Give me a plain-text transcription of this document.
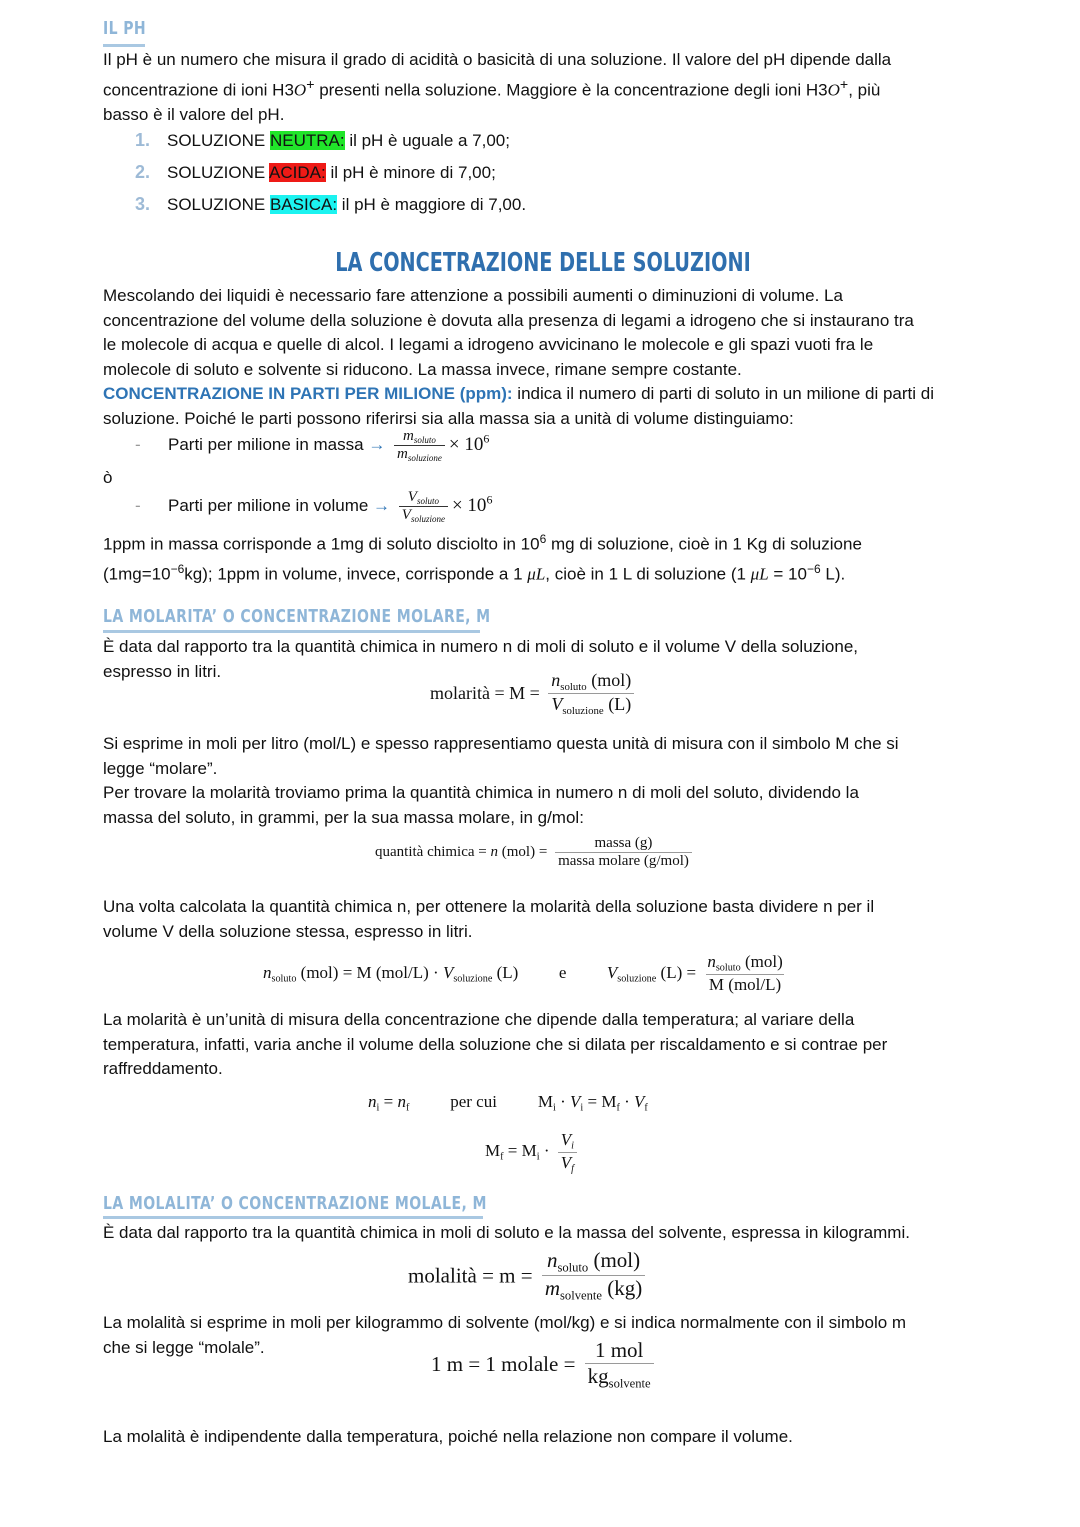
IL PH

Il pH è un numero che misura il grado di acidità o basicità di una soluzione. Il valore del pH dipende dalla

concentrazione di ioni H3O+ presenti nella soluzione. Maggiore è la concentrazione degli ioni H3O+, più

basso è il valore del pH.

1. SOLUZIONE NEUTRA: il pH è uguale a 7,00;
2. SOLUZIONE ACIDA: il pH è minore di 7,00;
3. SOLUZIONE BASICA: il pH è maggiore di 7,00.
LA CONCETRAZIONE DELLE SOLUZIONI

Mescolando dei liquidi è necessario fare attenzione a possibili aumenti o diminuzioni di volume. La

concentrazione del volume della soluzione è dovuta alla presenza di legami a idrogeno che si instaurano tra

le molecole di acqua e quelle di alcol. I legami a idrogeno avvicinano le molecole e gli spazi vuoti fra le

molecole di soluto e solvente si riducono. La massa invece, rimane sempre costante.

CONCENTRAZIONE IN PARTI PER MILIONE (ppm): indica il numero di parti di soluto in un milione di parti di

soluzione. Poiché le parti possono riferirsi sia alla massa sia a unità di volume distinguiamo:

- Parti per milione in massa → $\frac{m_{soluto}}{m_{soluzione}} \times 10^6$
ò
- Parti per milione in volume → $\frac{V_{soluto}}{V_{soluzione}} \times 10^6$

1ppm in massa corrisponde a 1mg di soluto disciolto in $10^6$ mg di soluzione, cioè in 1 Kg di soluzione

$(1mg=10^{-6}kg)$; 1ppm in volume, invece, corrisponde a 1 μL, cioè in 1 L di soluzione (1 $\mu L = 10^{-6}$ L).

LA MOLARITA’ O CONCENTRAZIONE MOLARE, M

È data dal rapporto tra la quantità chimica in numero n di moli di soluto e il volume V della soluzione,

espresso in litri.

molarità = $M = \frac{n_{soluto} (mol)}{V_{soluzione} (L)}$

Si esprime in moli per litro (mol/L) e spesso rappresentiamo questa unità di misura con il simbolo M che si

legge “molare”.

Per trovare la molarità troviamo prima la quantità chimica in numero n di moli del soluto, dividendo la

massa del soluto, in grammi, per la sua massa molare, in g/mol:

quantità chimica = n $(mol) = \frac{\text{massa (g)}}{\text{massa molare (g/mol)}}$

Una volta calcolata la quantità chimica n, per ottenere la molarità della soluzione basta dividere n per il

volume V della soluzione stessa, espresso in litri.

$n_{soluto}$ (mol) = M $(mol/L) \cdot V_{soluzione}$ (L) e $V_{soluzione}$ $(L) = \frac{n_{soluto} (mol)}{\text{M (mol/L)}}$

La molarità è un’unità di misura della concentrazione che dipende dalla temperatura; al variare della

temperatura, infatti, varia anche il volume della soluzione che si dilata per riscaldamento e si contrae per

raffreddamento.

$n_i = n_f$ per cui $M_i \cdot V_i = M_f \cdot V_f$
$M_f = M_i \cdot \frac{V_i}{V_f}$
LA MOLALITA’ O CONCENTRAZIONE MOLALE, M

È data dal rapporto tra la quantità chimica in moli di soluto e la massa del solvente, espressa in kilogrammi.

molalità = $m = \frac{n_{soluto} (mol)}{m_{solvente} (kg)}$

La molalità si esprime in moli per kilogrammo di solvente (mol/kg) e si indica normalmente con il simbolo m

che si legge “molale”.

1 m = 1 molale = $\frac{\text{1 mol}}{kg_{solvente}}$

La molalità è indipendente dalla temperatura, poiché nella relazione non compare il volume.
